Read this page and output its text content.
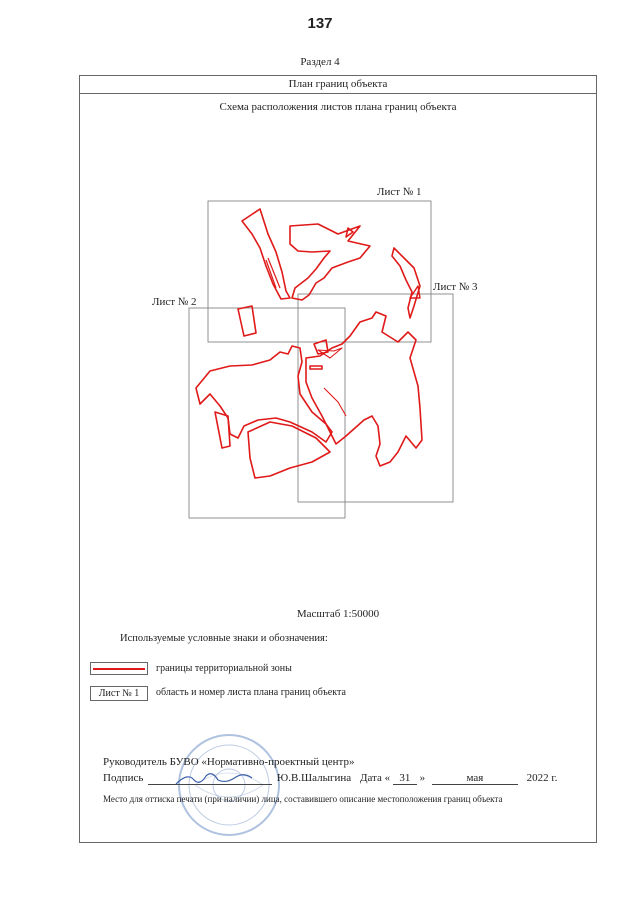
137
Раздел 4
План границ объекта
Схема расположения листов плана границ объекта
Лист № 1
Лист № 2
Лист № 3
Масштаб 1:50000
Используемые условные знаки и обозначения:
границы территориальной зоны
Лист № 1	область и номер листа плана границ объекта
Руководитель БУВО «Нормативно-проектный центр»
Подпись	Ю.В.Шалыгина Дата « 31 »	мая	2022 г.
Место для оттиска печати (при наличии) лица, составившего описание местоположения границ объекта
